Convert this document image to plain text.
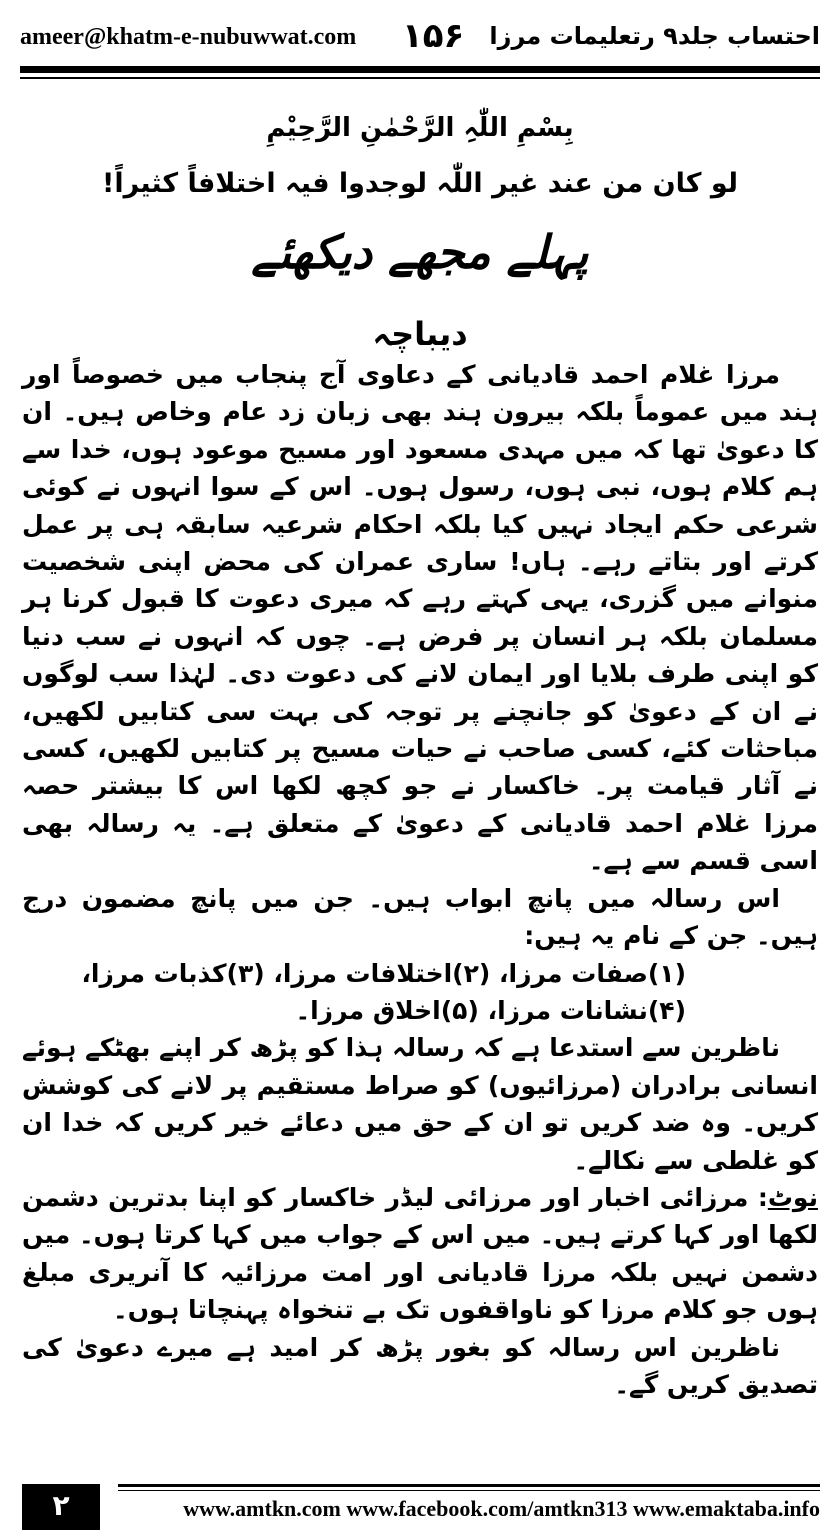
ameer@khatm-e-nubuwwat.com ۱۵۶ احتساب جلد۹ رتعلیمات مرزا

بِسْمِ اللّٰہِ الرَّحْمٰنِ الرَّحِیْمِ

لو کان من عند غیر اللّٰہ لوجدوا فیہ اختلافاً کثیراً!

پہلے مجھے دیکھئے

دیباچہ

مرزا غلام احمد قادیانی کے دعاوی آج پنجاب میں خصوصاً اور ہند میں عموماً بلکہ بیرون ہند بھی زبان زد عام وخاص ہیں۔ ان کا دعویٰ تھا کہ میں مہدی مسعود اور مسیح موعود ہوں، خدا سے ہم کلام ہوں، نبی ہوں، رسول ہوں۔ اس کے سوا انہوں نے کوئی شرعی حکم ایجاد نہیں کیا بلکہ احکام شرعیہ سابقہ ہی پر عمل کرتے اور بتاتے رہے۔ ہاں! ساری عمران کی محض اپنی شخصیت منوانے میں گزری، یہی کہتے رہے کہ میری دعوت کا قبول کرنا ہر مسلمان بلکہ ہر انسان پر فرض ہے۔ چوں کہ انہوں نے سب دنیا کو اپنی طرف بلایا اور ایمان لانے کی دعوت دی۔ لہٰذا سب لوگوں نے ان کے دعویٰ کو جانچنے پر توجہ کی بہت سی کتابیں لکھیں، مباحثات کئے، کسی صاحب نے حیات مسیح پر کتابیں لکھیں، کسی نے آثار قیامت پر۔ خاکسار نے جو کچھ لکھا اس کا بیشتر حصہ مرزا غلام احمد قادیانی کے دعویٰ کے متعلق ہے۔ یہ رسالہ بھی اسی قسم سے ہے۔

اس رسالہ میں پانچ ابواب ہیں۔ جن میں پانچ مضمون درج ہیں۔ جن کے نام یہ ہیں:

(۱)صفات مرزا، (۲)اختلافات مرزا، (۳)کذبات مرزا،

(۴)نشانات مرزا، (۵)اخلاق مرزا۔

ناظرین سے استدعا ہے کہ رسالہ ہذا کو پڑھ کر اپنے بھٹکے ہوئے انسانی برادران (مرزائیوں) کو صراط مستقیم پر لانے کی کوشش کریں۔ وہ ضد کریں تو ان کے حق میں دعائے خیر کریں کہ خدا ان کو غلطی سے نکالے۔

نوٹ: مرزائی اخبار اور مرزائی لیڈر خاکسار کو اپنا بدترین دشمن لکھا اور کہا کرتے ہیں۔ میں اس کے جواب میں کہا کرتا ہوں۔ میں دشمن نہیں بلکہ مرزا قادیانی اور امت مرزائیہ کا آنریری مبلغ ہوں جو کلام مرزا کو ناواقفوں تک بے تنخواہ پہنچاتا ہوں۔

ناظرین اس رسالہ کو بغور پڑھ کر امید ہے میرے دعویٰ کی تصدیق کریں گے۔

۲	www.amtkn.com www.facebook.com/amtkn313 www.emaktaba.info
